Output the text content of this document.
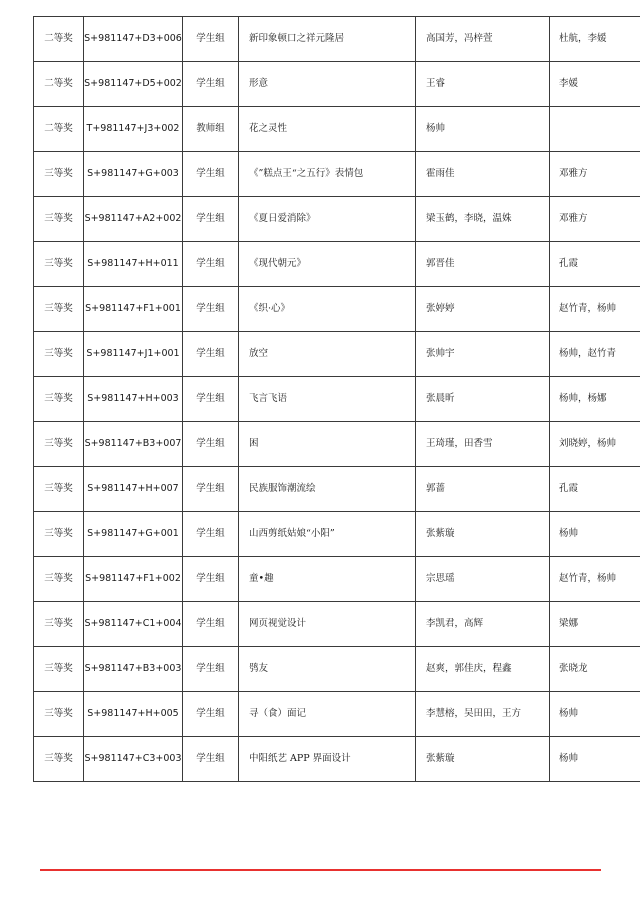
二等奖	S+981147+D3+006	学生组	新印象顿口之祥元隆居	高国芳，冯梓萱	杜航，李媛
二等奖	S+981147+D5+002	学生组	形意	王睿	李媛
二等奖	T+981147+J3+002	教师组	花之灵性	杨帅	
三等奖	S+981147+G+003	学生组	《”糕点王“之五行》表情包	霍雨佳	邓雅方
三等奖	S+981147+A2+002	学生组	《夏日爱消除》	梁玉鹤，李晓，温姝	邓雅方
三等奖	S+981147+H+011	学生组	《现代朝元》	郭晋佳	孔霞
三等奖	S+981147+F1+001	学生组	《织·心》	张婷婷	赵竹青，杨帅
三等奖	S+981147+J1+001	学生组	放空	张帅宇	杨帅，赵竹青
三等奖	S+981147+H+003	学生组	飞言飞语	张晨昕	杨帅，杨娜
三等奖	S+981147+B3+007	学生组	困	王琦瑾，田香雪	刘晓婷，杨帅
三等奖	S+981147+H+007	学生组	民族服饰潮流绘	郭蔷	孔霞
三等奖	S+981147+G+001	学生组	山西剪纸姑娘“小阳”	张紫璇	杨帅
三等奖	S+981147+F1+002	学生组	童•趣	宗思瑶	赵竹青，杨帅
三等奖	S+981147+C1+004	学生组	网页视觉设计	李凯君，高辉	梁娜
三等奖	S+981147+B3+003	学生组	鸮友	赵爽，郭佳庆，程鑫	张晓龙
三等奖	S+981147+H+005	学生组	寻（食）面记	李慧榕，吴田田，王方	杨帅
三等奖	S+981147+C3+003	学生组	中阳纸艺 APP 界面设计	张紫璇	杨帅
